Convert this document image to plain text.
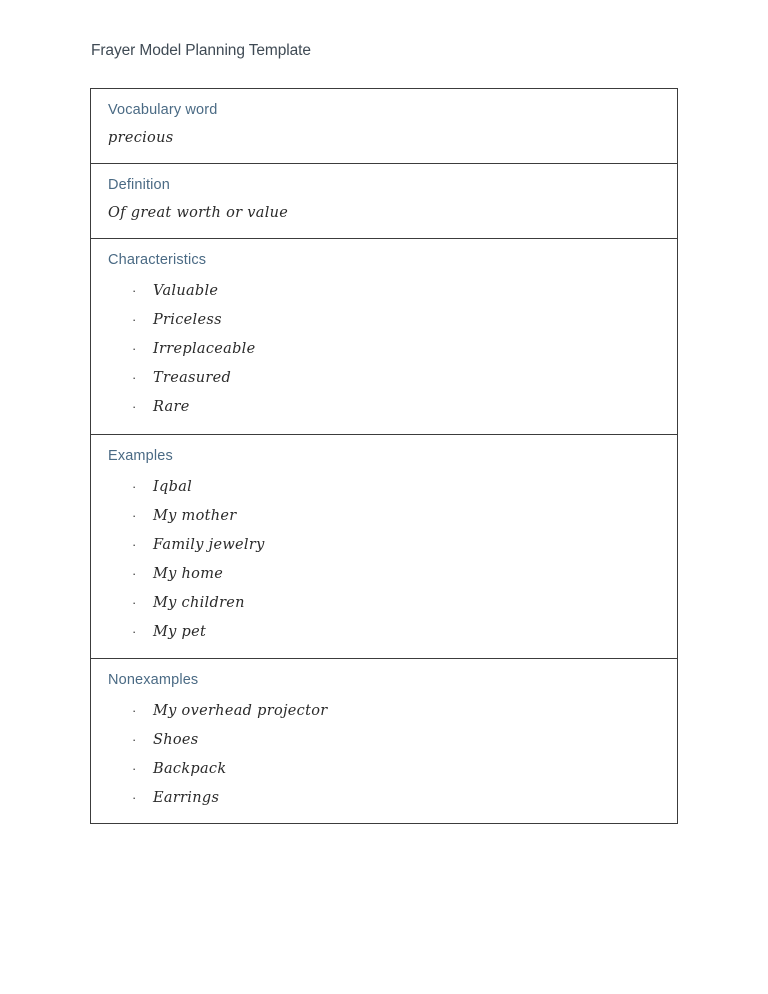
Frayer Model Planning Template
Vocabulary word
precious
Definition
Of great worth or value
Characteristics
· Valuable
· Priceless
· Irreplaceable
· Treasured
· Rare
Examples
· Iqbal
· My mother
· Family jewelry
· My home
· My children
· My pet
Nonexamples
· My overhead projector
· Shoes
· Backpack
· Earrings
